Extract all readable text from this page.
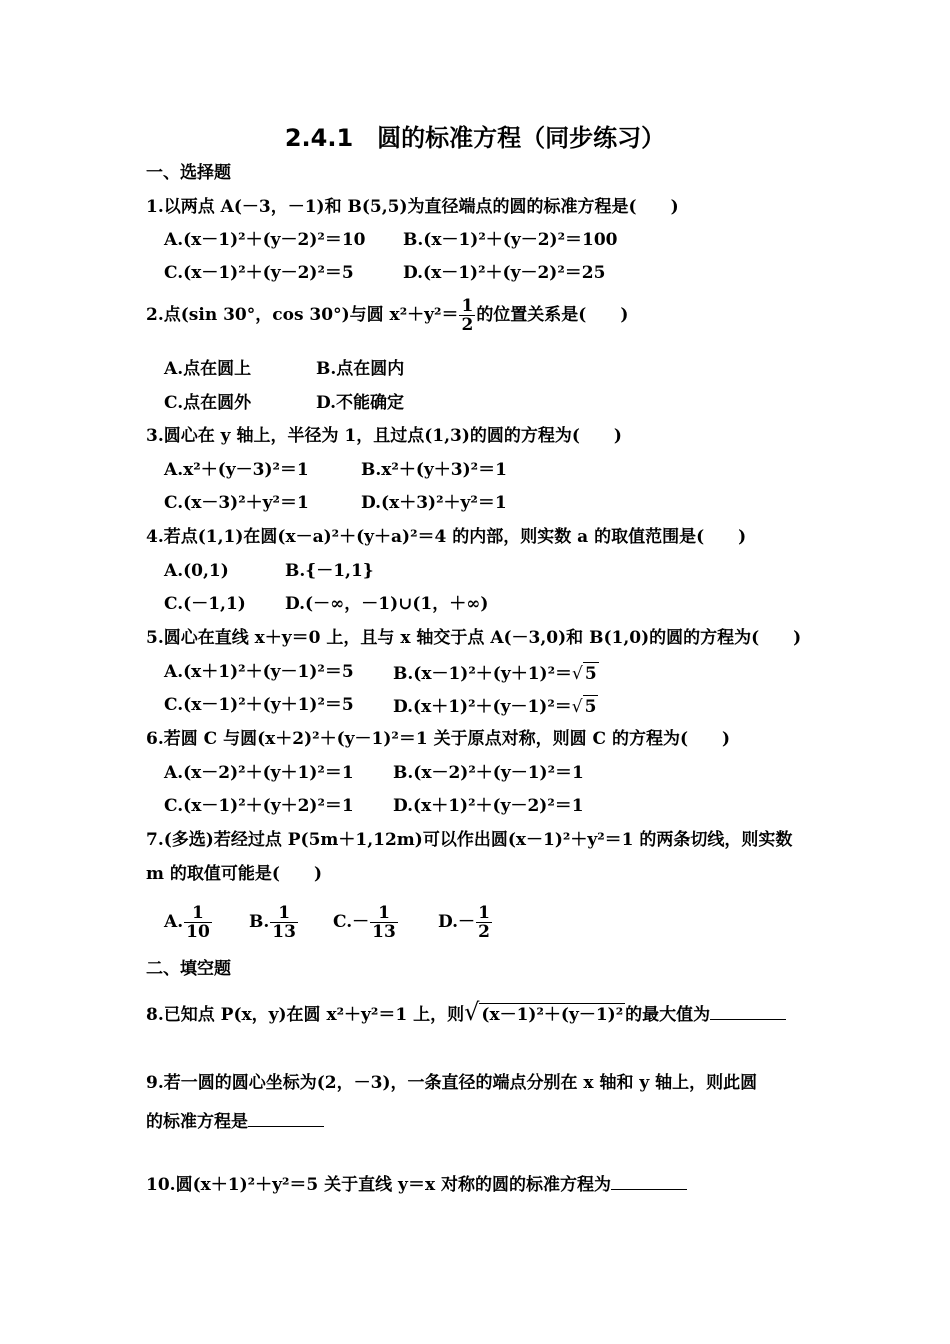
2.4.1　圆的标准方程（同步练习）
一、选择题
1.以两点 A(－3，－1)和 B(5,5)为直径端点的圆的标准方程是(　　)
A.(x－1)²＋(y－2)²＝10 B.(x－1)²＋(y－2)²＝100
C.(x－1)²＋(y－2)²＝5	D.(x－1)²＋(y－2)²＝25
2.点(sin 30°，cos 30°)与圆 $x^2+y^2= \frac{1}{2}$ 的位置关系是(　　)
A.点在圆上	B.点在圆内
C.点在圆外	D.不能确定
3.圆心在 y 轴上，半径为 1，且过点(1,3)的圆的方程为(　　)
A.x²＋(y－3)²＝1	B.x²＋(y＋3)²＝1
C.(x－3)²＋y²＝1	D.(x＋3)²＋y²＝1
4.若点(1,1)在圆(x－a)²＋(y＋a)²＝4 的内部，则实数 a 的取值范围是(　　)
A.(0,1)	B.{－1,1}
C.(－1,1) D.(－∞，－1)∪(1，＋∞)
5.圆心在直线 x＋y＝0 上，且与 x 轴交于点 A(－3,0)和 B(1,0)的圆的方程为(　　)
A.(x＋1)²＋(y－1)²＝5 B.(x－1)²＋(y＋1)²＝√ 5
C.(x－1)²＋(y＋1)²＝5 D.(x＋1)²＋(y－1)²＝√ 5
6.若圆 C 与圆(x＋2)²＋(y－1)²＝1 关于原点对称，则圆 C 的方程为(　　)
A.(x－2)²＋(y＋1)²＝1 B.(x－2)²＋(y－1)²＝1
C.(x－1)²＋(y＋2)²＝1 D.(x＋1)²＋(y－2)²＝1
7.(多选)若经过点 P(5m＋1,12m)可以作出圆(x－1)²＋y²＝1 的两条切线，则实数
m 的取值可能是(　　)
A. $\frac{1}{10} B$. $\frac{1}{13} C.- \frac{1}{13} D.- \frac{1}{2}$
二、填空题
8.已知点 P(x，y)在圆 x²＋y²＝1 上，则√ (x－1)²＋(y－1)² 的最大值为
9.若一圆的圆心坐标为(2，－3)，一条直径的端点分别在 x 轴和 y 轴上，则此圆
的标准方程是
10.圆(x＋1)²＋y²＝5 关于直线 y＝x 对称的圆的标准方程为
